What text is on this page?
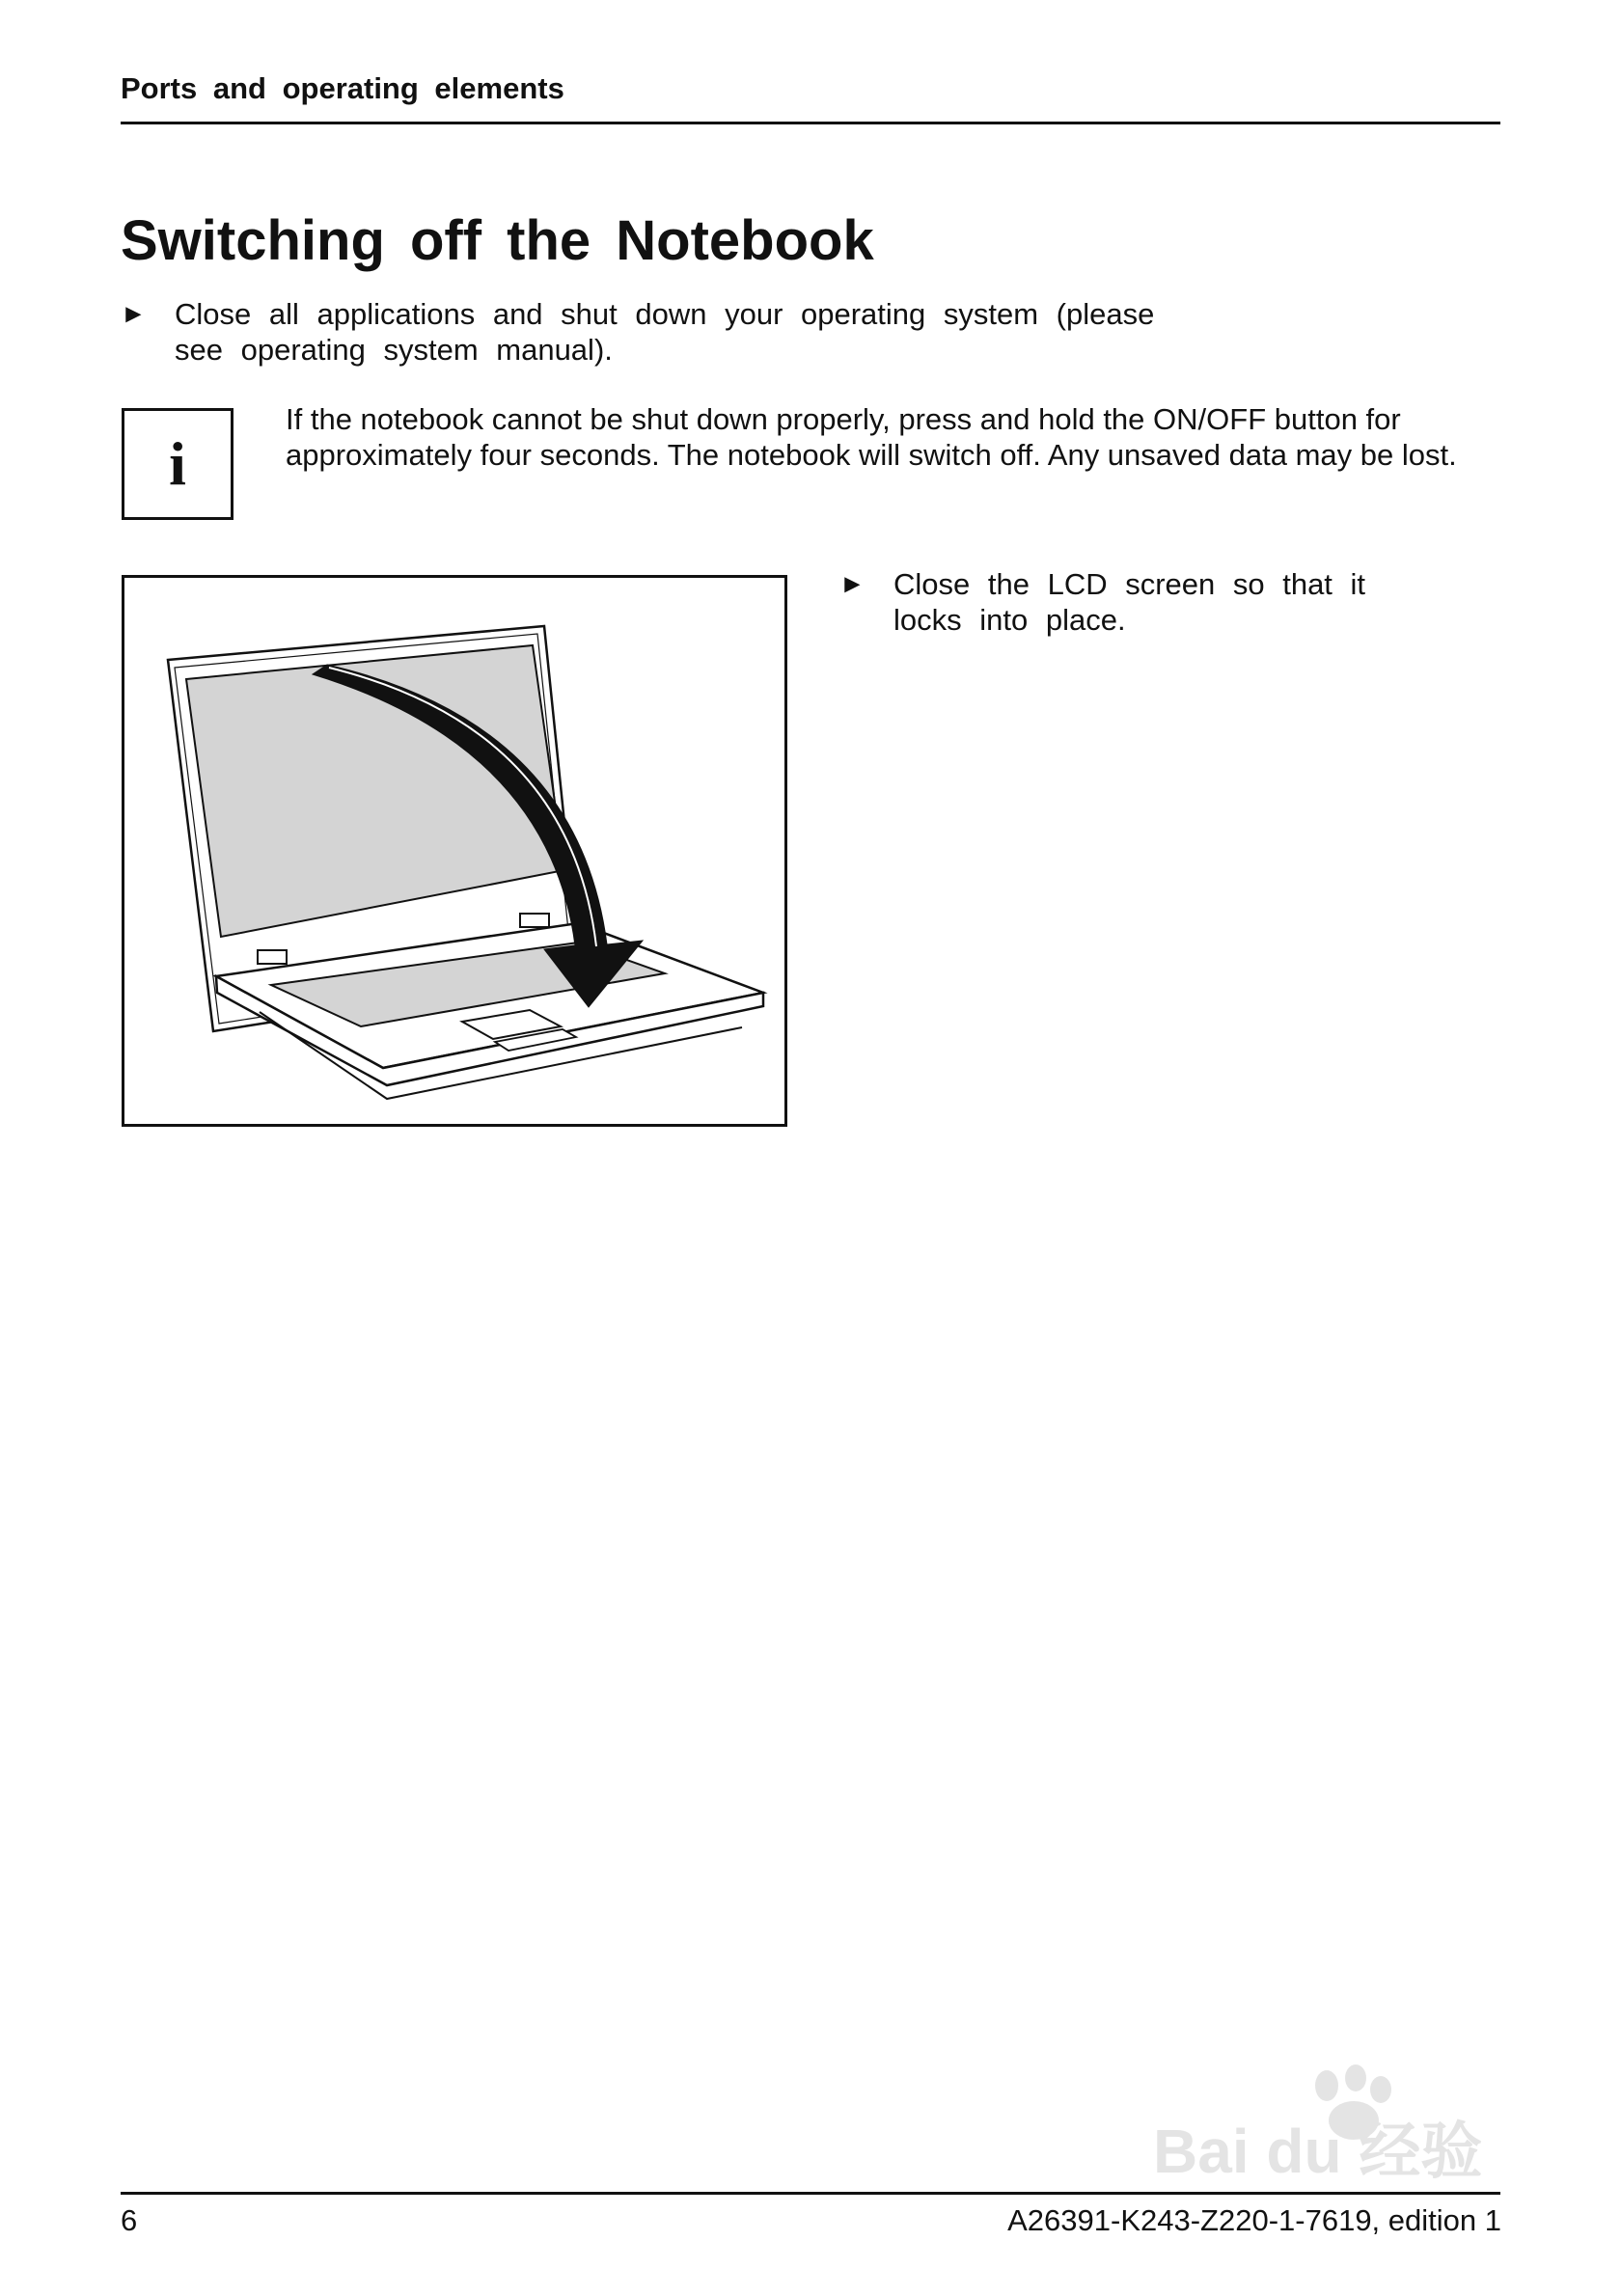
Ports and operating elements
Switching off the Notebook
► Close all applications and shut down your operating system (please
see operating system manual).
i
If the notebook cannot be shut down properly, press and hold the ON/OFF button for
approximately four seconds. The notebook will switch off. Any unsaved data may be lost.
► Close the LCD screen so that it
locks into place.
Bai du 经验
6	A26391-K243-Z220-1-7619, edition 1
